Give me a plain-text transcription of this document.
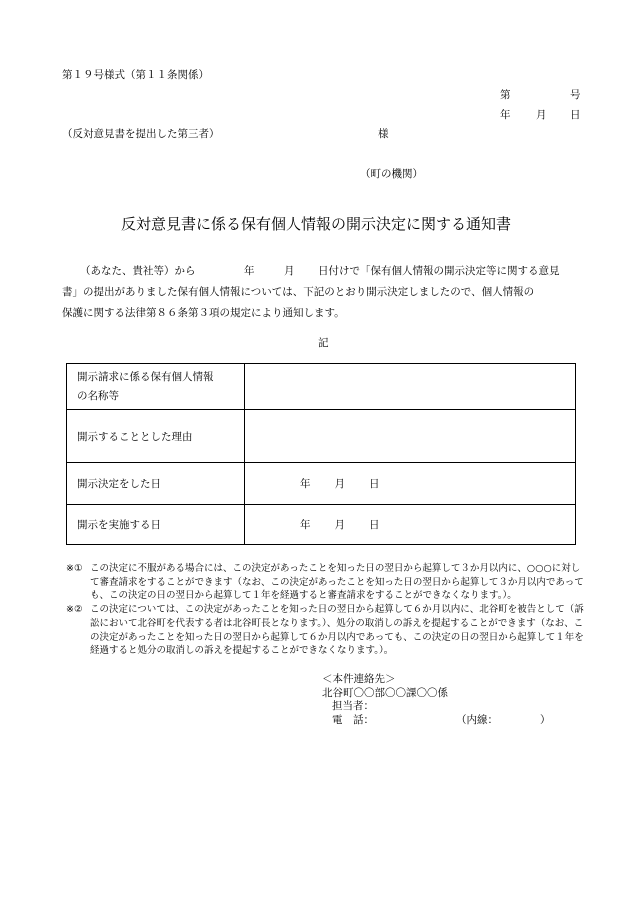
第１９号様式（第１１条関係）
第	号
年 月 日
（反対意見書を提出した第三者）	様
（町の機関）
反対意見書に係る保有個人情報の開示決定に関する通知書
（あなた、貴社等）から	年	月 日付けで「保有個人情報の開示決定等に関する意見
書」の提出がありました保有個人情報については、下記のとおり開示決定しましたので、個人情報の
保護に関する法律第８６条第３項の規定により通知します。
記
開示請求に係る保有個人情報
の名称等	

開示することとした理由	
開示決定をした日	年 月 日
開示を実施する日	年 月 日
※① この決定に不服がある場合には、この決定があったことを知った日の翌日から起算して３か月以内に、○○○に対して審査請求をすることができます（なお、この決定があったことを知った日の翌日から起算して３か月以内であっても、この決定の日の翌日から起算して１年を経過すると審査請求をすることができなくなります。）。
※② この決定については、この決定があったことを知った日の翌日から起算して６か月以内に、北谷町を被告として（訴訟において北谷町を代表する者は北谷町長となります。）、処分の取消しの訴えを提起することができます（なお、この決定があったことを知った日の翌日から起算して６か月以内であっても、この決定の日の翌日から起算して１年を経過すると処分の取消しの訴えを提起することができなくなります。）。
＜本件連絡先＞
北谷町〇〇部〇〇課〇〇係
担当者：
電　話：	（内線：	）
